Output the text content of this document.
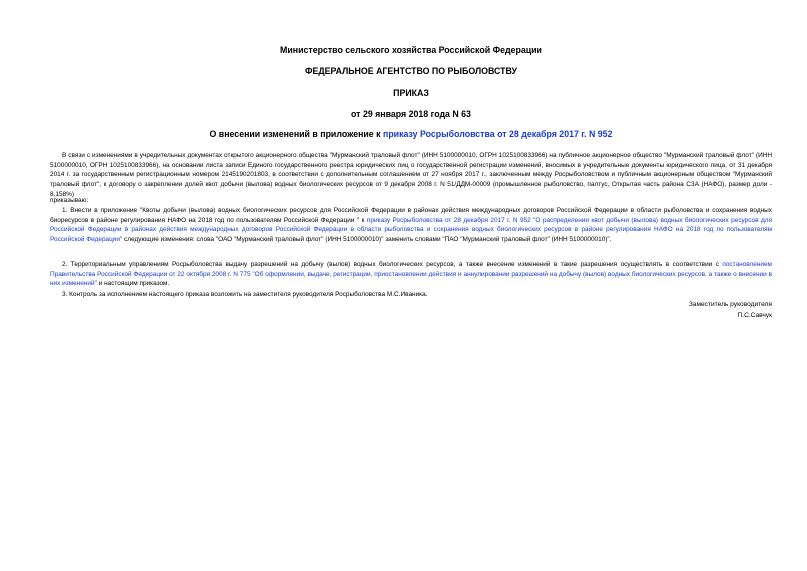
Министерство сельского хозяйства Российской Федерации
ФЕДЕРАЛЬНОЕ АГЕНТСТВО ПО РЫБОЛОВСТВУ
ПРИКАЗ
от 29 января 2018 года N 63
О внесении изменений в приложение к приказу Росрыболовства от 28 декабря 2017 г. N 952
В связи с изменениями в учредительных документах открытого акционерного общества "Мурманский траловый флот" (ИНН 5100000010, ОГРН 1025100833966) на публичное акционерное общество "Мурманский траловый флот" (ИНН 5100000010, ОГРН 1025100833966), на основании листа записи Единого государственного реестра юридических лиц о государственной регистрации изменений, вносимых в учредительные документы юридического лица, от 31 декабря 2014 г. за государственным регистрационным номером 2145190201803, в соответствии с дополнительным соглашением от 27 ноября 2017 г., заключенным между Росрыболовством и публичным акционерным обществом "Мурманский траловый флот", к договору о закреплении долей квот добычи (вылова) водных биологических ресурсов от 9 декабря 2008 г. N 51/ДДМ-00009 (промышленное рыболовство, палтус, Открытая часть района СЗА (НАФО), размер доли - 8,158%)
приказываю:
1. Внести в приложение "Квоты добычи (вылова) водных биологических ресурсов для Российской Федерации в районах действия международных договоров Российской Федерации в области рыболовства и сохранения водных биоресурсов в районе регулирования НАФО на 2018 год по пользователям Российской Федерации " к приказу Росрыболовства от 28 декабря 2017 г. N 952 "О распределении квот добычи (вылова) водных биологических ресурсов для Российской Федерации в районах действия международных договоров Российской Федерации в области рыболовства и сохранения водных биологических ресурсов в районе регулирования НАФО на 2018 год по пользователям Российской Федерации" следующие изменения: слова "ОАО "Мурманский траловый флот" (ИНН 5100000010)" заменить словами "ПАО "Мурманский траловый флот" (ИНН 5100000010)".
2. Территориальным управлениям Росрыболовства выдачу разрешений на добычу (вылов) водных биологических ресурсов, а также внесение изменений в такие разрешения осуществлять в соответствии с постановлением Правительства Российской Федерации от 22 октября 2008 г. N 775 "Об оформлении, выдаче, регистрации, приостановлении действия и аннулировании разрешений на добычу (вылов) водных биологических ресурсов, а также о внесении в них изменений" и настоящим приказом.
3. Контроль за исполнением настоящего приказа возложить на заместителя руководителя Росрыболовства М.С.Иваника.
Заместитель руководителя
П.С.Савчук
